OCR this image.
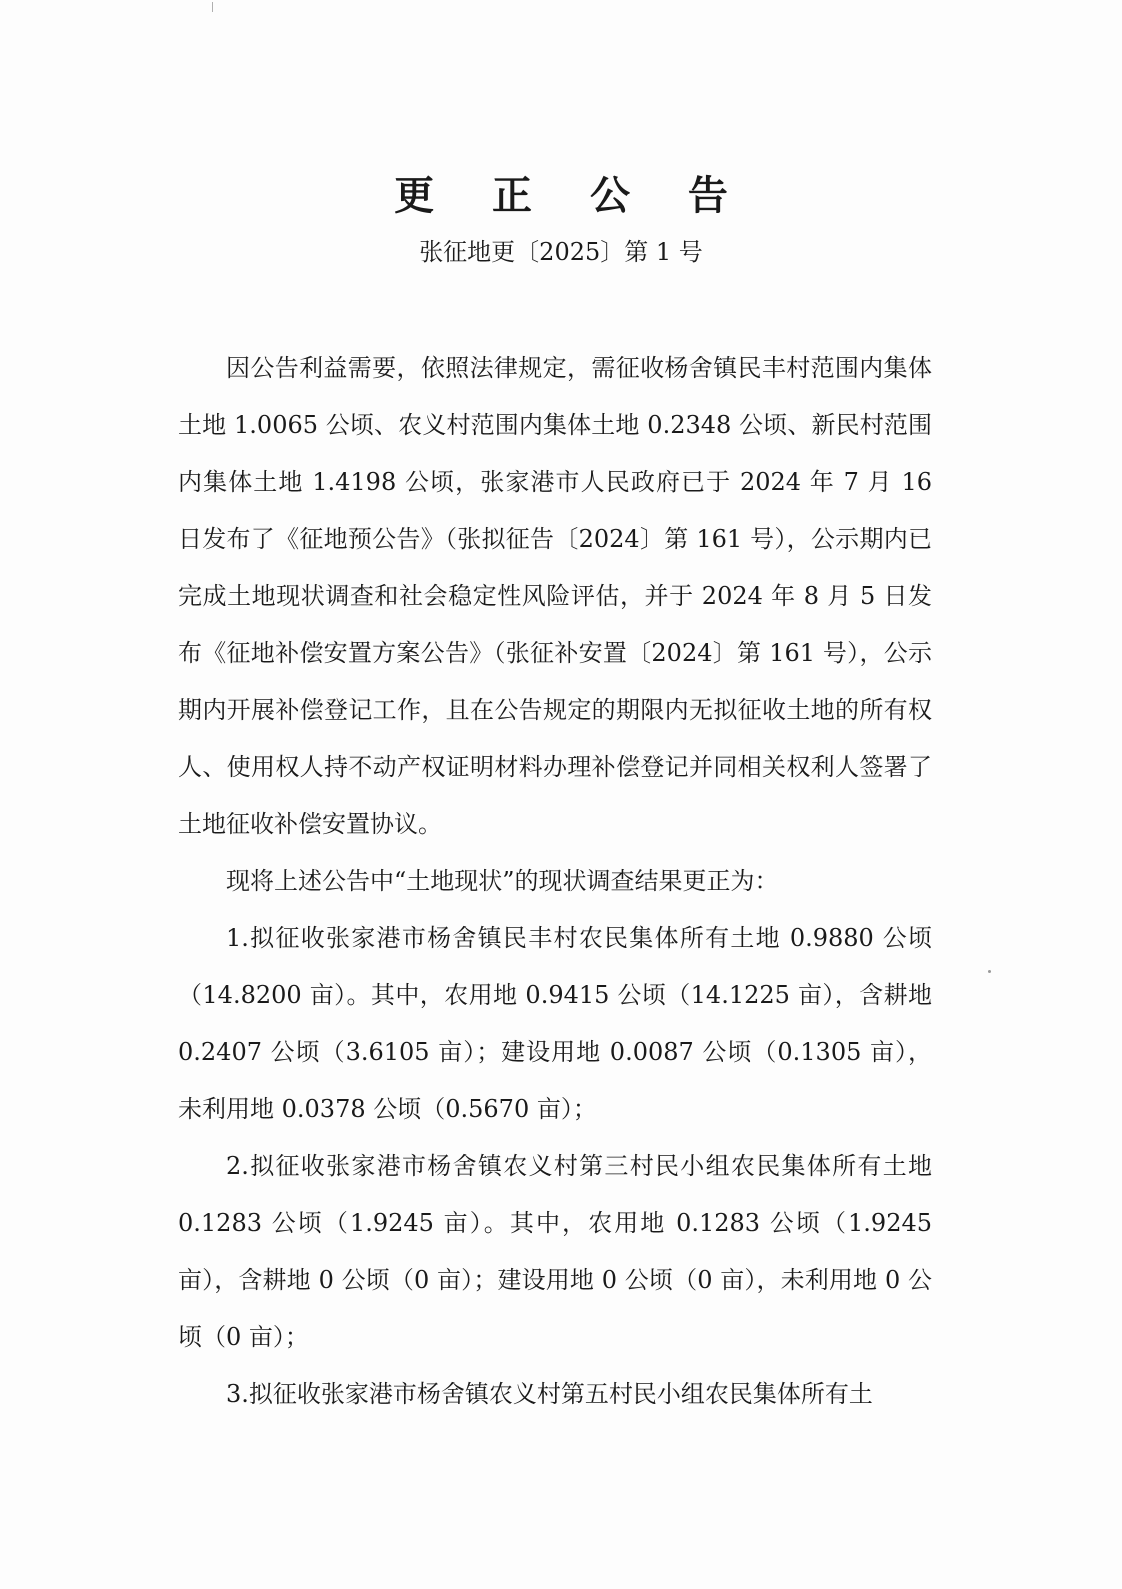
更 正 公 告
张征地更〔2025〕第 1 号

因公告利益需要，依照法律规定，需征收杨舍镇民丰村范围内集体土地 1.0065 公顷、农义村范围内集体土地 0.2348 公顷、新民村范围内集体土地 1.4198 公顷，张家港市人民政府已于 2024 年 7 月 16 日发布了《征地预公告》（张拟征告〔2024〕第 161 号），公示期内已完成土地现状调查和社会稳定性风险评估，并于 2024 年 8 月 5 日发布《征地补偿安置方案公告》（张征补安置〔2024〕第 161 号），公示期内开展补偿登记工作，且在公告规定的期限内无拟征收土地的所有权人、使用权人持不动产权证明材料办理补偿登记并同相关权利人签署了土地征收补偿安置协议。

现将上述公告中“土地现状”的现状调查结果更正为：

1.拟征收张家港市杨舍镇民丰村农民集体所有土地 0.9880 公顷（14.8200 亩）。其中，农用地 0.9415 公顷（14.1225 亩），含耕地 0.2407 公顷（3.6105 亩）；建设用地 0.0087 公顷（0.1305 亩），未利用地 0.0378 公顷（0.5670 亩）；

2.拟征收张家港市杨舍镇农义村第三村民小组农民集体所有土地 0.1283 公顷（1.9245 亩）。其中，农用地 0.1283 公顷（1.9245 亩），含耕地 0 公顷（0 亩）；建设用地 0 公顷（0 亩），未利用地 0 公顷（0 亩）；

3.拟征收张家港市杨舍镇农义村第五村民小组农民集体所有土
